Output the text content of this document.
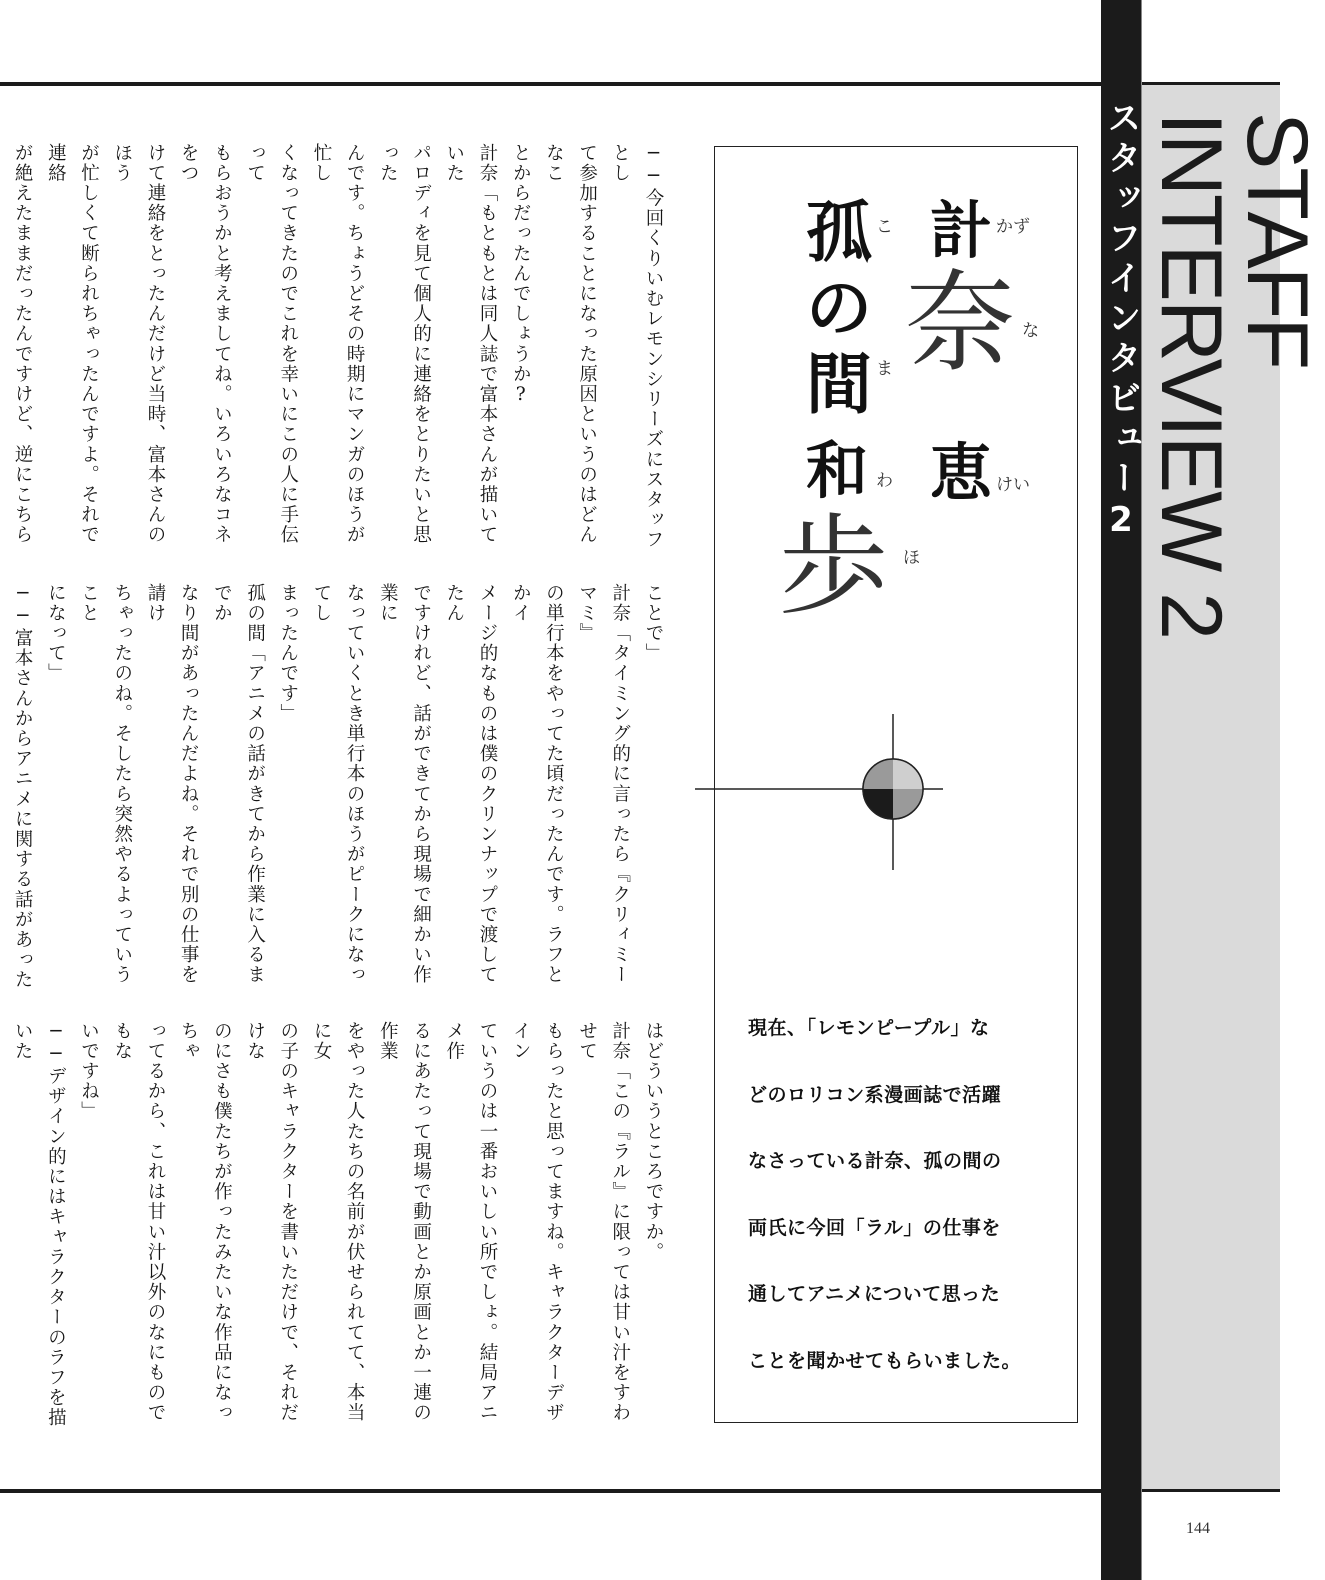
STAFF INTERVIEW 2
スタッフインタビュー2
計 かず
奈 な
恵 けい
こ
孤
の
間 ま
和 わ
歩 ほ
現在、「レモンピープル」な
どのロリコン系漫画誌で活躍
なさっている計奈、孤の間の
両氏に今回「ラル」の仕事を
通してアニメについて思った
ことを聞かせてもらいました。
──今回くりいむレモンシリーズにスタッフとし
て参加することになった原因というのはどんなこ
とからだったんでしょうか?
計奈「もともとは同人誌で富本さんが描いていた
パロディを見て個人的に連絡をとりたいと思った
んです。ちょうどその時期にマンガのほうが忙し
くなってきたのでこれを幸いにこの人に手伝って
もらおうかと考えましてね。いろいろなコネをつ
けて連絡をとったんだけど当時、富本さんのほう
が忙しくて断られちゃったんですよ。それで連絡
が絶えたままだったんですけど、逆にこちら
ことで」
計奈「タイミング的に言ったら『クリィミーマミ』
の単行本をやってた頃だったんです。ラフとかイ
メージ的なものは僕のクリンナップで渡してたん
ですけれど、話ができてから現場で細かい作業に
なっていくとき単行本のほうがピークになってし
まったんです」
孤の間「アニメの話がきてから作業に入るまでか
なり間があったんだよね。それで別の仕事を請け
ちゃったのね。そしたら突然やるよっていうこと
になって」
──富本さんからアニメに関する話があった
はどういうところですか。
計奈「この『ラル』に限っては甘い汁をすわせて
もらったと思ってますね。キャラクターデザイン
ていうのは一番おいしい所でしょ。結局アニメ作
るにあたって現場で動画とか原画とか一連の作業
をやった人たちの名前が伏せられてて、本当に女
の子のキャラクターを書いただけで、それだけな
のにさも僕たちが作ったみたいな作品になっちゃ
ってるから、これは甘い汁以外のなにものでもな
いですね」
──デザイン的にはキャラクターのラフを描いた
144
